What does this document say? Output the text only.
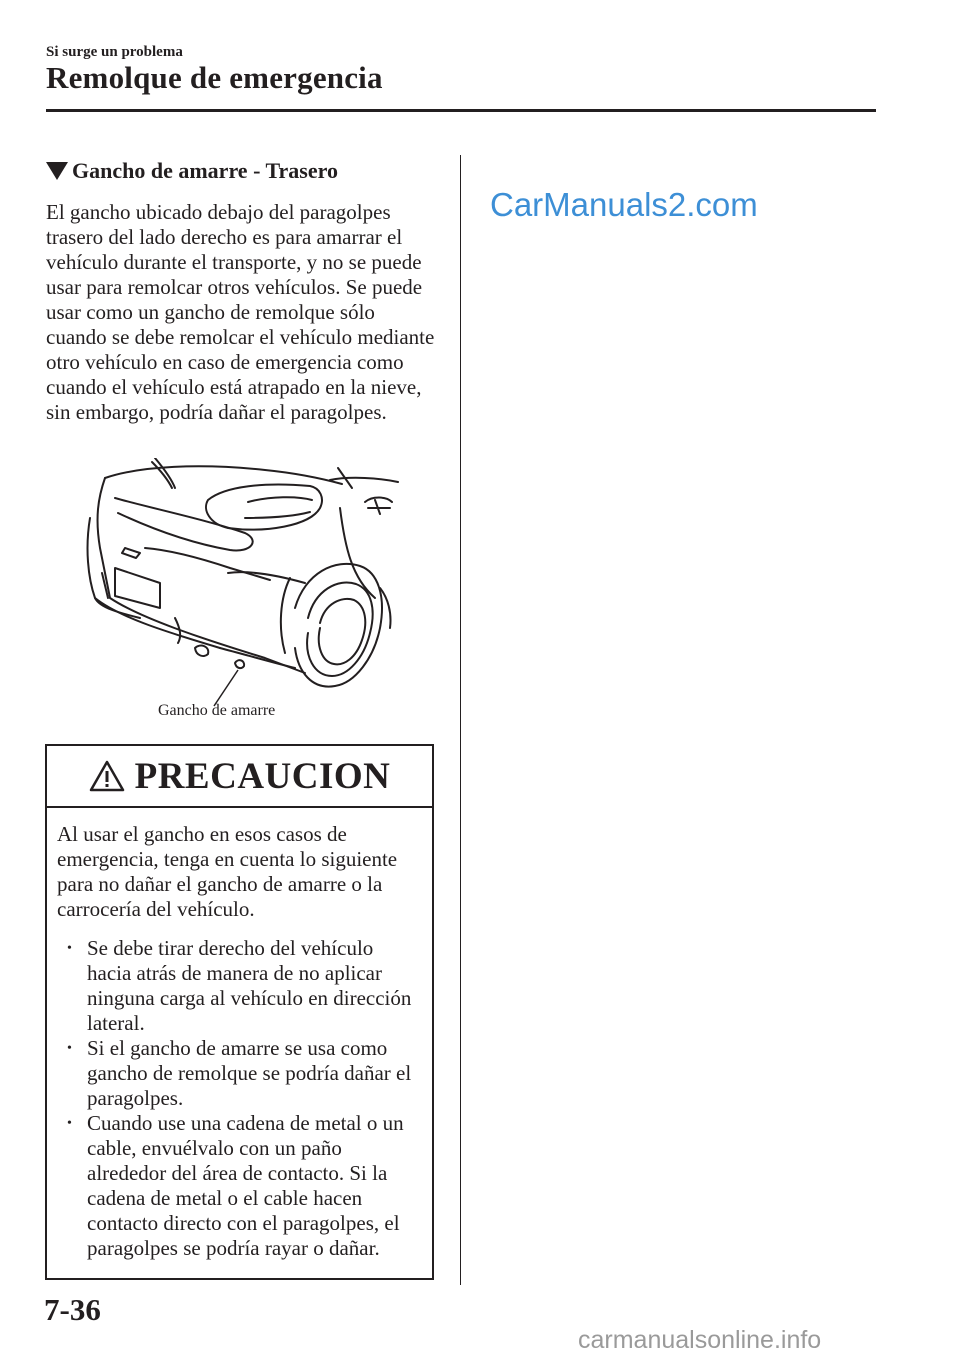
Si surge un problema
Remolque de emergencia
Gancho de amarre - Trasero

El gancho ubicado debajo del paragolpes trasero del lado derecho es para amarrar el vehículo durante el transporte, y no se puede usar para remolcar otros vehículos. Se puede usar como un gancho de remolque sólo cuando se debe remolcar el vehículo mediante otro vehículo en caso de emergencia como cuando el vehículo está atrapado en la nieve, sin embargo, podría dañar el paragolpes.

Gancho de amarre
CarManuals2.com
PRECAUCION

Al usar el gancho en esos casos de emergencia, tenga en cuenta lo siguiente para no dañar el gancho de amarre o la carrocería del vehículo.

• Se debe tirar derecho del vehículo hacia atrás de manera de no aplicar ninguna carga al vehículo en dirección lateral.
• Si el gancho de amarre se usa como gancho de remolque se podría dañar el paragolpes.
• Cuando use una cadena de metal o un cable, envuélvalo con un paño alrededor del área de contacto. Si la cadena de metal o el cable hacen contacto directo con el paragolpes, el paragolpes se podría rayar o dañar.
7-36
carmanualsonline.info
